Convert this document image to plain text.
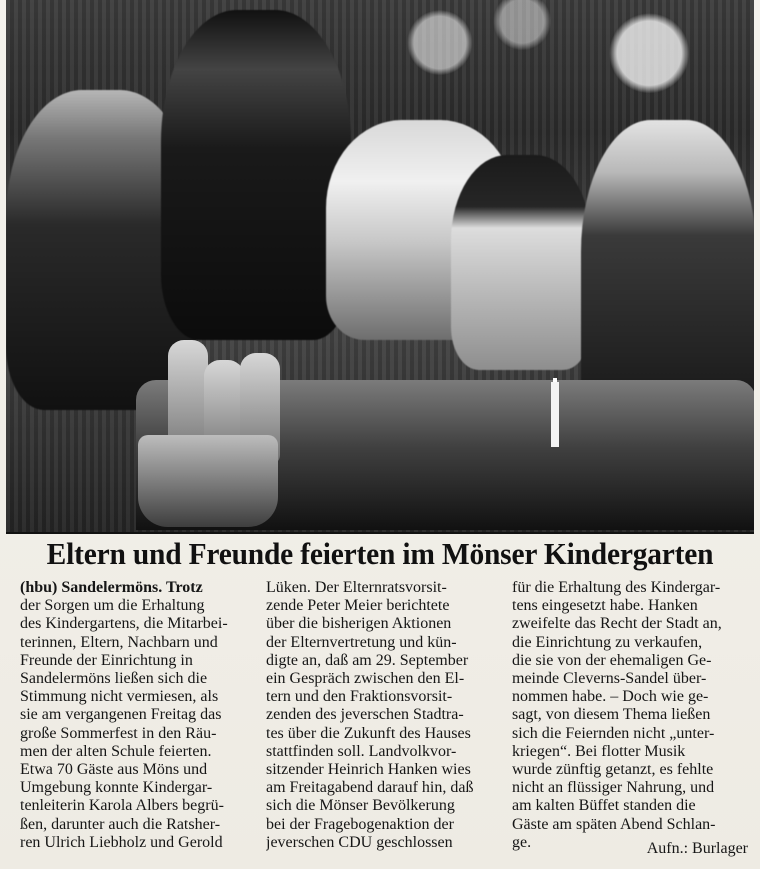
Eltern und Freunde feierten im Mönser Kindergarten
(hbu) Sandelermöns. Trotz
der Sorgen um die Erhaltung
des Kindergartens, die Mitarbei-
terinnen, Eltern, Nachbarn und
Freunde der Einrichtung in
Sandelermöns ließen sich die
Stimmung nicht vermiesen, als
sie am vergangenen Freitag das
große Sommerfest in den Räu-
men der alten Schule feierten.
Etwa 70 Gäste aus Möns und
Umgebung konnte Kindergar-
tenleiterin Karola Albers begrü-
ßen, darunter auch die Ratsher-
ren Ulrich Liebholz und Gerold
Lüken. Der Elternratsvorsit-
zende Peter Meier berichtete
über die bisherigen Aktionen
der Elternvertretung und kün-
digte an, daß am 29. September
ein Gespräch zwischen den El-
tern und den Fraktionsvorsit-
zenden des jeverschen Stadtra-
tes über die Zukunft des Hauses
stattfinden soll. Landvolkvor-
sitzender Heinrich Hanken wies
am Freitagabend darauf hin, daß
sich die Mönser Bevölkerung
bei der Fragebogenaktion der
jeverschen CDU geschlossen
für die Erhaltung des Kindergar-
tens eingesetzt habe. Hanken
zweifelte das Recht der Stadt an,
die Einrichtung zu verkaufen,
die sie von der ehemaligen Ge-
meinde Cleverns-Sandel über-
nommen habe. – Doch wie ge-
sagt, von diesem Thema ließen
sich die Feiernden nicht „unter-
kriegen“. Bei flotter Musik
wurde zünftig getanzt, es fehlte
nicht an flüssiger Nahrung, und
am kalten Büffet standen die
Gäste am späten Abend Schlan-
ge.	Aufn.: Burlager
